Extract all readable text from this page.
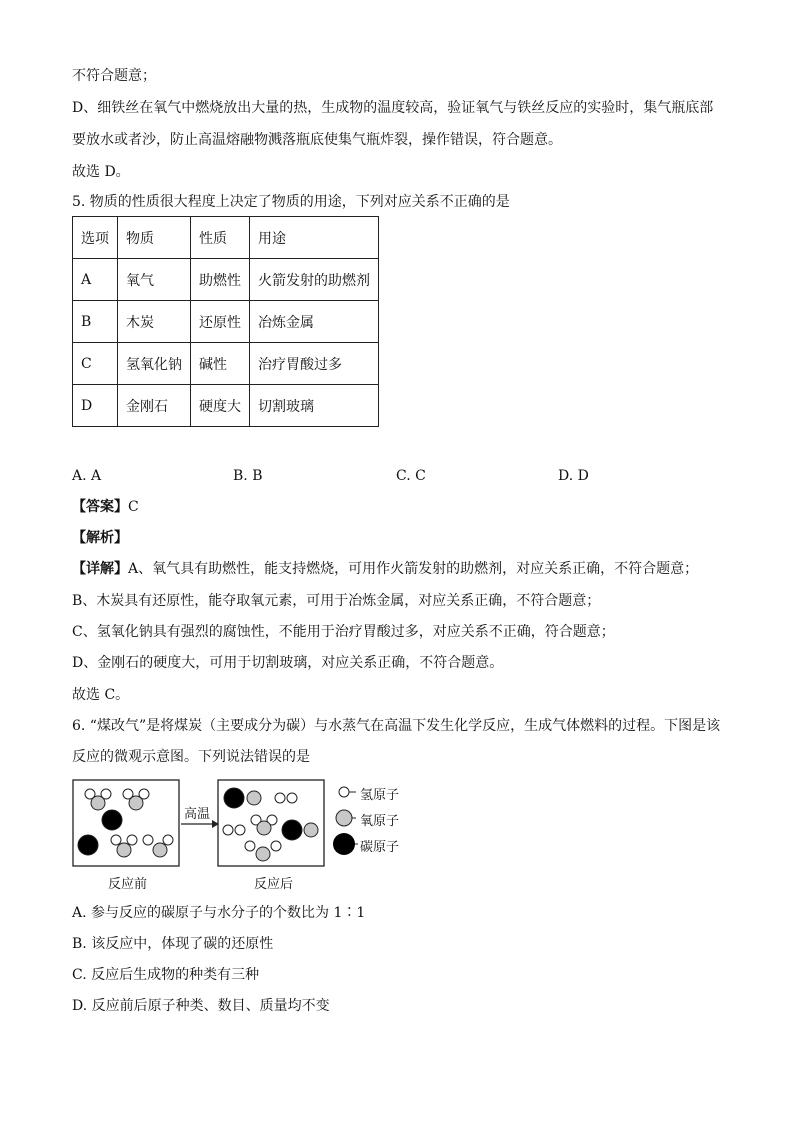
不符合题意；
D、细铁丝在氧气中燃烧放出大量的热，生成物的温度较高，验证氧气与铁丝反应的实验时，集气瓶底部
要放水或者沙，防止高温熔融物溅落瓶底使集气瓶炸裂，操作错误，符合题意。
故选 D。
5. 物质的性质很大程度上决定了物质的用途，下列对应关系不正确的是
选项	物质	性质	用途
A	氧气	助燃性	火箭发射的助燃剂
B	木炭	还原性	冶炼金属
C	氢氧化钠	碱性	治疗胃酸过多
D	金刚石	硬度大	切割玻璃
A. A	B. B	C. C	D. D
【答案】C
【解析】
【详解】A、氧气具有助燃性，能支持燃烧，可用作火箭发射的助燃剂，对应关系正确，不符合题意；
B、木炭具有还原性，能夺取氧元素，可用于冶炼金属，对应关系正确，不符合题意；
C、氢氧化钠具有强烈的腐蚀性，不能用于治疗胃酸过多，对应关系不正确，符合题意；
D、金刚石的硬度大，可用于切割玻璃，对应关系正确，不符合题意。
故选 C。
6. “煤改气”是将煤炭（主要成分为碳）与水蒸气在高温下发生化学反应，生成气体燃料的过程。下图是该
反应的微观示意图。下列说法错误的是
高温
反应前	反应后
氢原子
氧原子
碳原子
A. 参与反应的碳原子与水分子的个数比为 1∶1
B. 该反应中，体现了碳的还原性
C. 反应后生成物的种类有三种
D. 反应前后原子种类、数目、质量均不变
